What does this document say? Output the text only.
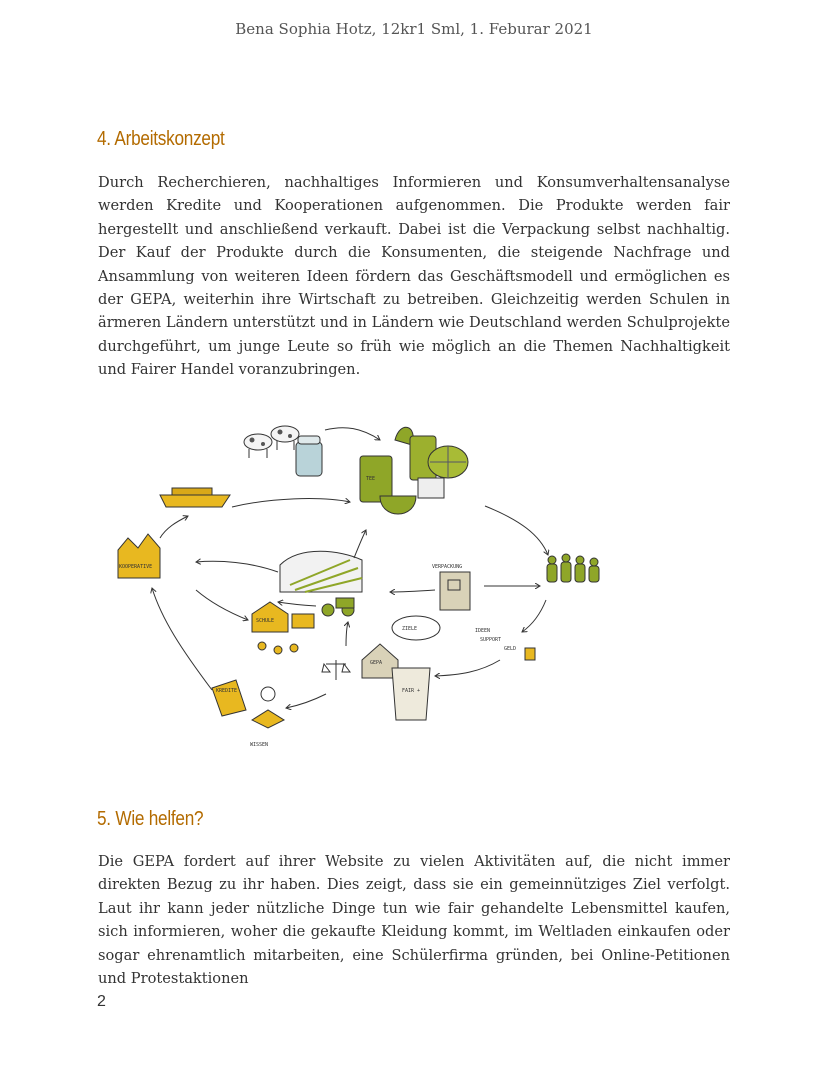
Bena Sophia Hotz, 12kr1 Sml, 1. Feburar 2021
4. Arbeitskonzept

Durch Recherchieren, nachhaltiges Informieren und Konsumverhaltensanalyse werden Kredite und Kooperationen aufgenommen. Die Produkte werden fair hergestellt und anschließend verkauft. Dabei ist die Verpackung selbst nachhaltig. Der Kauf der Produkte durch die Konsumenten, die steigende Nachfrage und Ansammlung von weiteren Ideen fördern das Geschäftsmodell und ermöglichen es der GEPA, weiterhin ihre Wirtschaft zu betreiben. Gleichzeitig werden Schulen in ärmeren Ländern unterstützt und in Ländern wie Deutschland werden Schulprojekte durchgeführt, um junge Leute so früh wie möglich an die Themen Nachhaltigkeit und Fairer Handel voranzubringen.

TEE
KOOPERATIVE	VERPACKUNG
IDEEN
SUPPORT
GELD
ZIELE
GEPA
FAIR +
SCHULE
KREDITE
WISSEN
5. Wie helfen?

Die GEPA fordert auf ihrer Website zu vielen Aktivitäten auf, die nicht immer direkten Bezug zu ihr haben. Dies zeigt, dass sie ein gemeinnütziges Ziel verfolgt. Laut ihr kann jeder nützliche Dinge tun wie fair gehandelte Lebensmittel kaufen, sich informieren, woher die gekaufte Kleidung kommt, im Weltladen einkaufen oder sogar ehrenamtlich mitarbeiten, eine Schülerfirma gründen, bei Online-Petitionen und Protestaktionen

2
